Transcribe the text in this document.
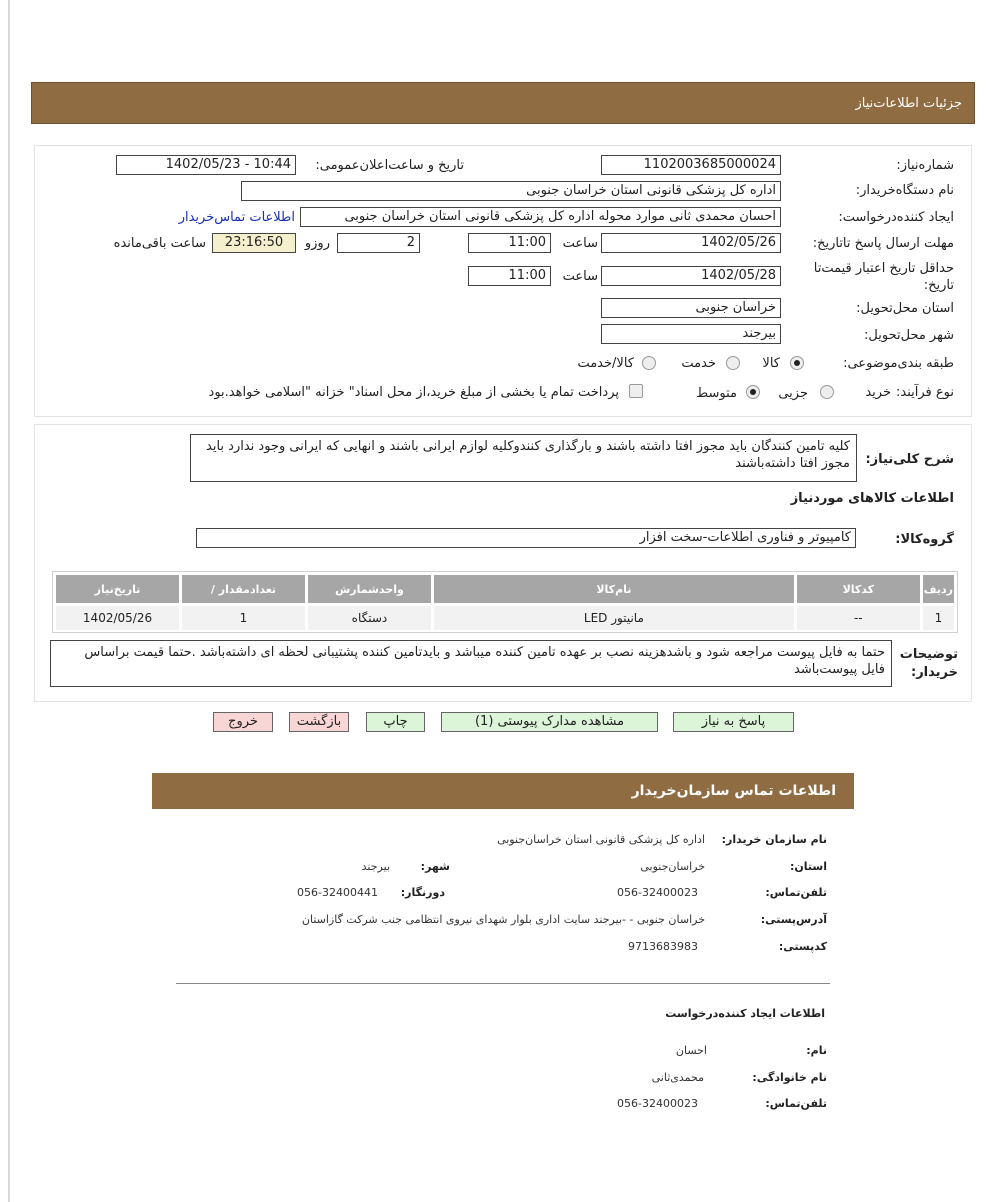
جزئیات اطلاعات‌نیاز
شماره‌نیاز:
1102003685000024
تاریخ و ساعت‌اعلان‌عمومی:
1402/05/23 - 10:44
نام دستگاه‌خریدار:
اداره کل پزشکی قانونی استان خراسان جنوبی
ایجاد کننده‌درخواست:
احسان محمدی ثانی موارد محوله اداره کل پزشکی قانونی استان خراسان جنوبی
اطلاعات تماس‌خریدار
مهلت ارسال پاسخ تا‌تاریخ:
1402/05/26
ساعت
11:00
2
روز‌و
23:16:50
ساعت باقی‌مانده
حداقل تاریخ اعتبار قیمت‌تا تاریخ:
1402/05/28
ساعت
11:00
استان محل‌تحویل:
خراسان جنوبی
شهر محل‌تحویل:
بیرجند
طبقه بندی‌موضوعی:
کالا
خدمت
کالا/خدمت
نوع فرآیند:
خرید
جزیی
متوسط
پرداخت تمام یا بخشی از مبلغ خرید،از محل اسناد" خزانه "اسلامی خواهد.بود
شرح کلی‌نیاز:
کلیه تامین کنندگان باید مجوز افتا داشته باشند و بارگذاری کنندوکلیه لوازم ایرانی باشند و انهایی که ایرانی وجود ندارد باید مجوز افتا داشته‌باشند
اطلاعات کالاهای موردنیاز
گروه‌کالا:
کامپیوتر و فناوری اطلاعات-سخت افزار
ردیف	کدکالا	نام‌کالا	واحدشمارش	تعدادمقدار /	تاریخ‌نیاز
1	--	مانیتور LED	دستگاه	1	1402/05/26
توضیحات خریدار:
حتما به فایل پیوست مراجعه شود و باشدهزینه نصب بر عهده تامین کننده میباشد و بایدتامین کننده پشتیبانی لحظه ای داشته‌باشد .حتما قیمت براساس فایل پیوست‌باشد
پاسخ به نیاز
مشاهده مدارک پیوستی (1)
چاپ
بازگشت
خروج
اطلاعات تماس سازمان‌خریدار
نام سازمان خریدار:
اداره کل پزشکی قانونی استان خراسان‌جنوبی
استان:
خراسان‌جنوبی
شهر:
بیرجند
تلفن‌تماس:
056-32400023
دورنگار:
056-32400441
آدرس‌پستی:
خراسان جنوبی - -بیرجند سایت اداری بلوار شهدای نیروی انتظامی جنب شرکت گاز‌استان
کد‌پستی:
9713683983
اطلاعات ایجاد کننده‌درخواست
نام:
احسان
نام خانوادگی:
محمدی‌ثانی
تلفن‌تماس:
056-32400023
